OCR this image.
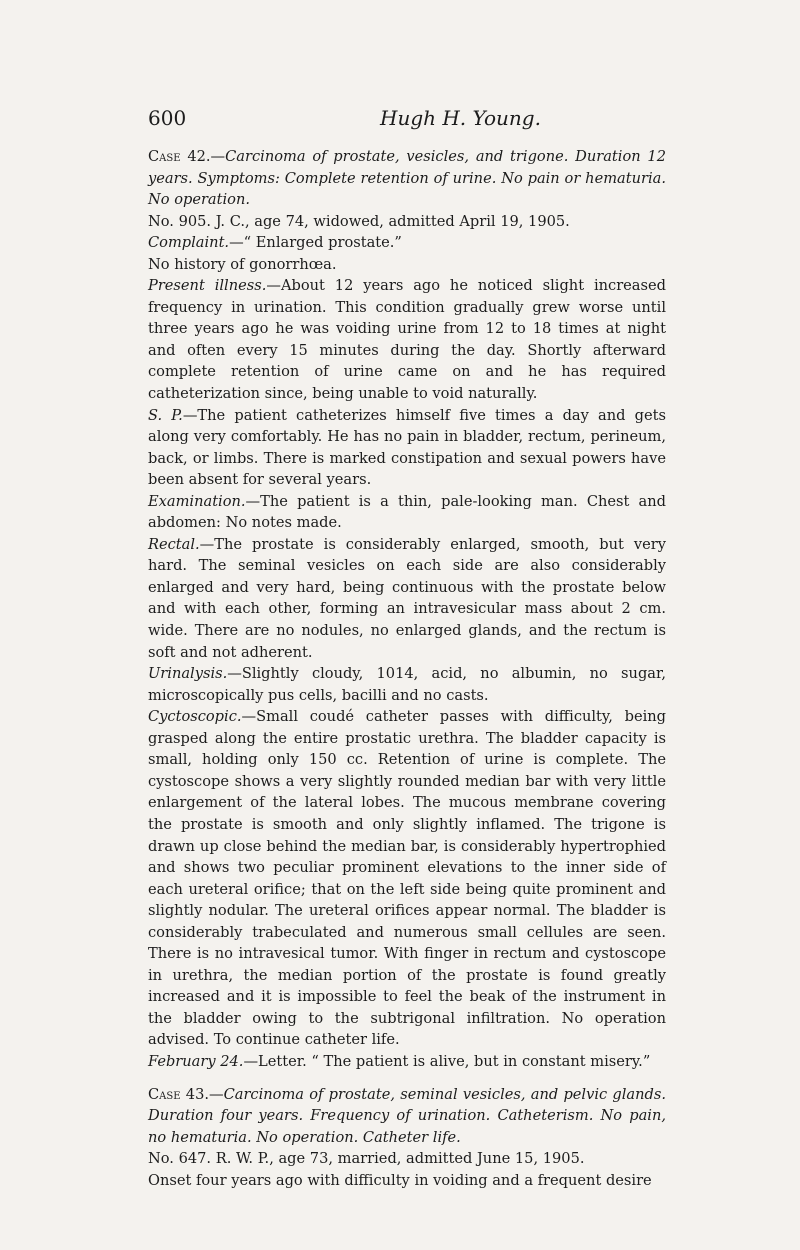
600	Hugh H. Young.

Case 42.—Carcinoma of prostate, vesicles, and trigone. Duration 12 years. Symptoms: Complete retention of urine. No pain or hematuria. No operation.

No. 905. J. C., age 74, widowed, admitted April 19, 1905.

Complaint.—“ Enlarged prostate.”

No history of gonorrhœa.

Present illness.—About 12 years ago he noticed slight increased frequency in urination. This condition gradually grew worse until three years ago he was voiding urine from 12 to 18 times at night and often every 15 minutes during the day. Shortly afterward complete retention of urine came on and he has required catheterization since, being unable to void naturally.

S. P.—The patient catheterizes himself five times a day and gets along very comfortably. He has no pain in bladder, rectum, perineum, back, or limbs. There is marked constipation and sexual powers have been absent for several years.

Examination.—The patient is a thin, pale-looking man. Chest and abdomen: No notes made.

Rectal.—The prostate is considerably enlarged, smooth, but very hard. The seminal vesicles on each side are also considerably enlarged and very hard, being continuous with the prostate below and with each other, forming an intravesicular mass about 2 cm. wide. There are no nodules, no enlarged glands, and the rectum is soft and not adherent.

Urinalysis.—Slightly cloudy, 1014, acid, no albumin, no sugar, microscopically pus cells, bacilli and no casts.

Cyctoscopic.—Small coudé catheter passes with difficulty, being grasped along the entire prostatic urethra. The bladder capacity is small, holding only 150 cc. Retention of urine is complete. The cystoscope shows a very slightly rounded median bar with very little enlargement of the lateral lobes. The mucous membrane covering the prostate is smooth and only slightly inflamed. The trigone is drawn up close behind the median bar, is considerably hypertrophied and shows two peculiar prominent elevations to the inner side of each ureteral orifice; that on the left side being quite prominent and slightly nodular. The ureteral orifices appear normal. The bladder is considerably trabeculated and numerous small cellules are seen. There is no intravesical tumor. With finger in rectum and cystoscope in urethra, the median portion of the prostate is found greatly increased and it is impossible to feel the beak of the instrument in the bladder owing to the subtrigonal infiltration. No operation advised. To continue catheter life.

February 24.—Letter. “ The patient is alive, but in constant misery.”

Case 43.—Carcinoma of prostate, seminal vesicles, and pelvic glands. Duration four years. Frequency of urination. Catheterism. No pain, no hematuria. No operation. Catheter life.

No. 647. R. W. P., age 73, married, admitted June 15, 1905.

Onset four years ago with difficulty in voiding and a frequent desire
